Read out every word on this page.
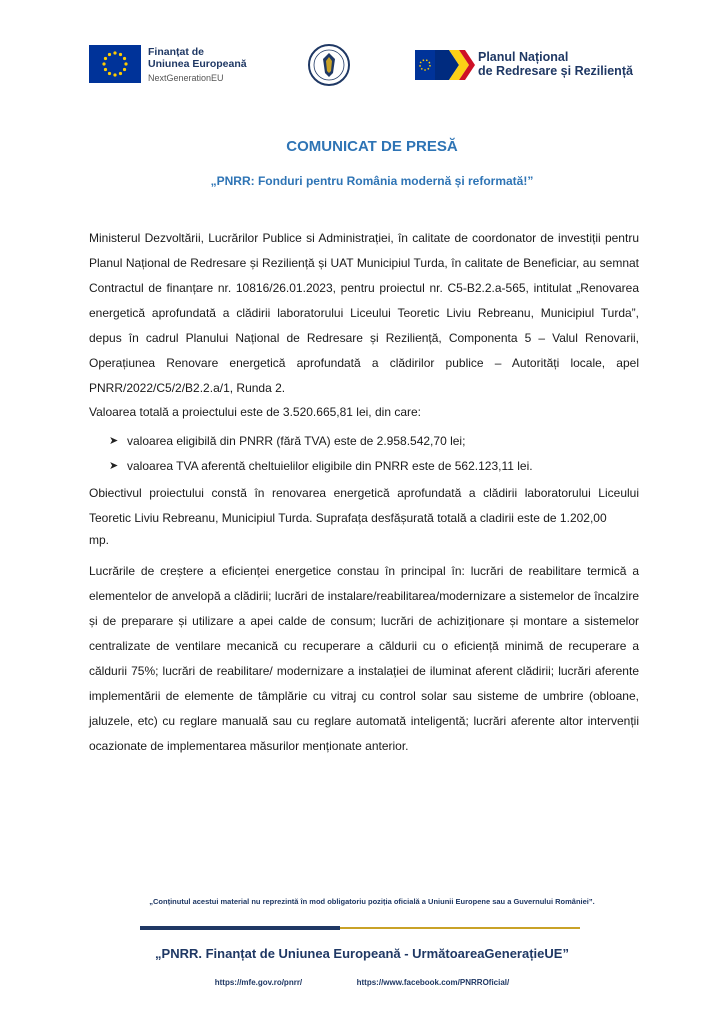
Finanțat de
Uniunea Europeană
NextGenerationEU
Planul Național
de Redresare și Reziliență
COMUNICAT DE PRESĂ
„PNRR: Fonduri pentru România modernă și reformată!”

Ministerul Dezvoltării, Lucrărilor Publice si Administrației, în calitate de coordonator de investiții pentru Planul Național de Redresare și Reziliență și UAT Municipiul Turda, în calitate de Beneficiar, au semnat Contractul de finanțare nr. 10816/26.01.2023, pentru proiectul nr. C5-B2.2.a-565, intitulat „Renovarea energetică aprofundată a clădirii laboratorului Liceului Teoretic Liviu Rebreanu, Municipiul Turda”, depus în cadrul Planului Național de Redresare și Reziliență, Componenta 5 – Valul Renovarii, Operațiunea Renovare energetică aprofundată a clădirilor publice – Autorități locale, apel PNRR/2022/C5/2/B2.2.a/1, Runda 2.

Valoarea totală a proiectului este de 3.520.665,81 lei, din care:

➤ valoarea eligibilă din PNRR (fără TVA) este de 2.958.542,70 lei;
➤ valoarea TVA aferentă cheltuielilor eligibile din PNRR este de 562.123,11 lei.
Obiectivul proiectului constă în renovarea energetică aprofundată a clădirii laboratorului Liceului Teoretic Liviu Rebreanu, Municipiul Turda. Suprafața desfășurată totală a cladirii este de 1.202,00
mp.

Lucrările de creștere a eficienței energetice constau în principal în: lucrări de reabilitare termică a elementelor de anvelopă a clădirii; lucrări de instalare/reabilitarea/modernizare a sistemelor de încalzire și de preparare și utilizare a apei calde de consum; lucrări de achiziționare și montare a sistemelor centralizate de ventilare mecanică cu recuperare a căldurii cu o eficiență minimă de recuperare a căldurii 75%; lucrări de reabilitare/ modernizare a instalației de iluminat aferent clădirii; lucrări aferente implementării de elemente de tâmplărie cu vitraj cu control solar sau sisteme de umbrire (obloane, jaluzele, etc) cu reglare manuală sau cu reglare automată inteligentă; lucrări aferente altor intervenții ocazionate de implementarea măsurilor menționate anterior.

„Conținutul acestui material nu reprezintă în mod obligatoriu poziția oficială a Uniunii Europene sau a Guvernului României”.
„PNRR. Finanțat de Uniunea Europeană - UrmătoareaGenerațieUE”
https://mfe.gov.ro/pnrr/	https://www.facebook.com/PNRROficial/
